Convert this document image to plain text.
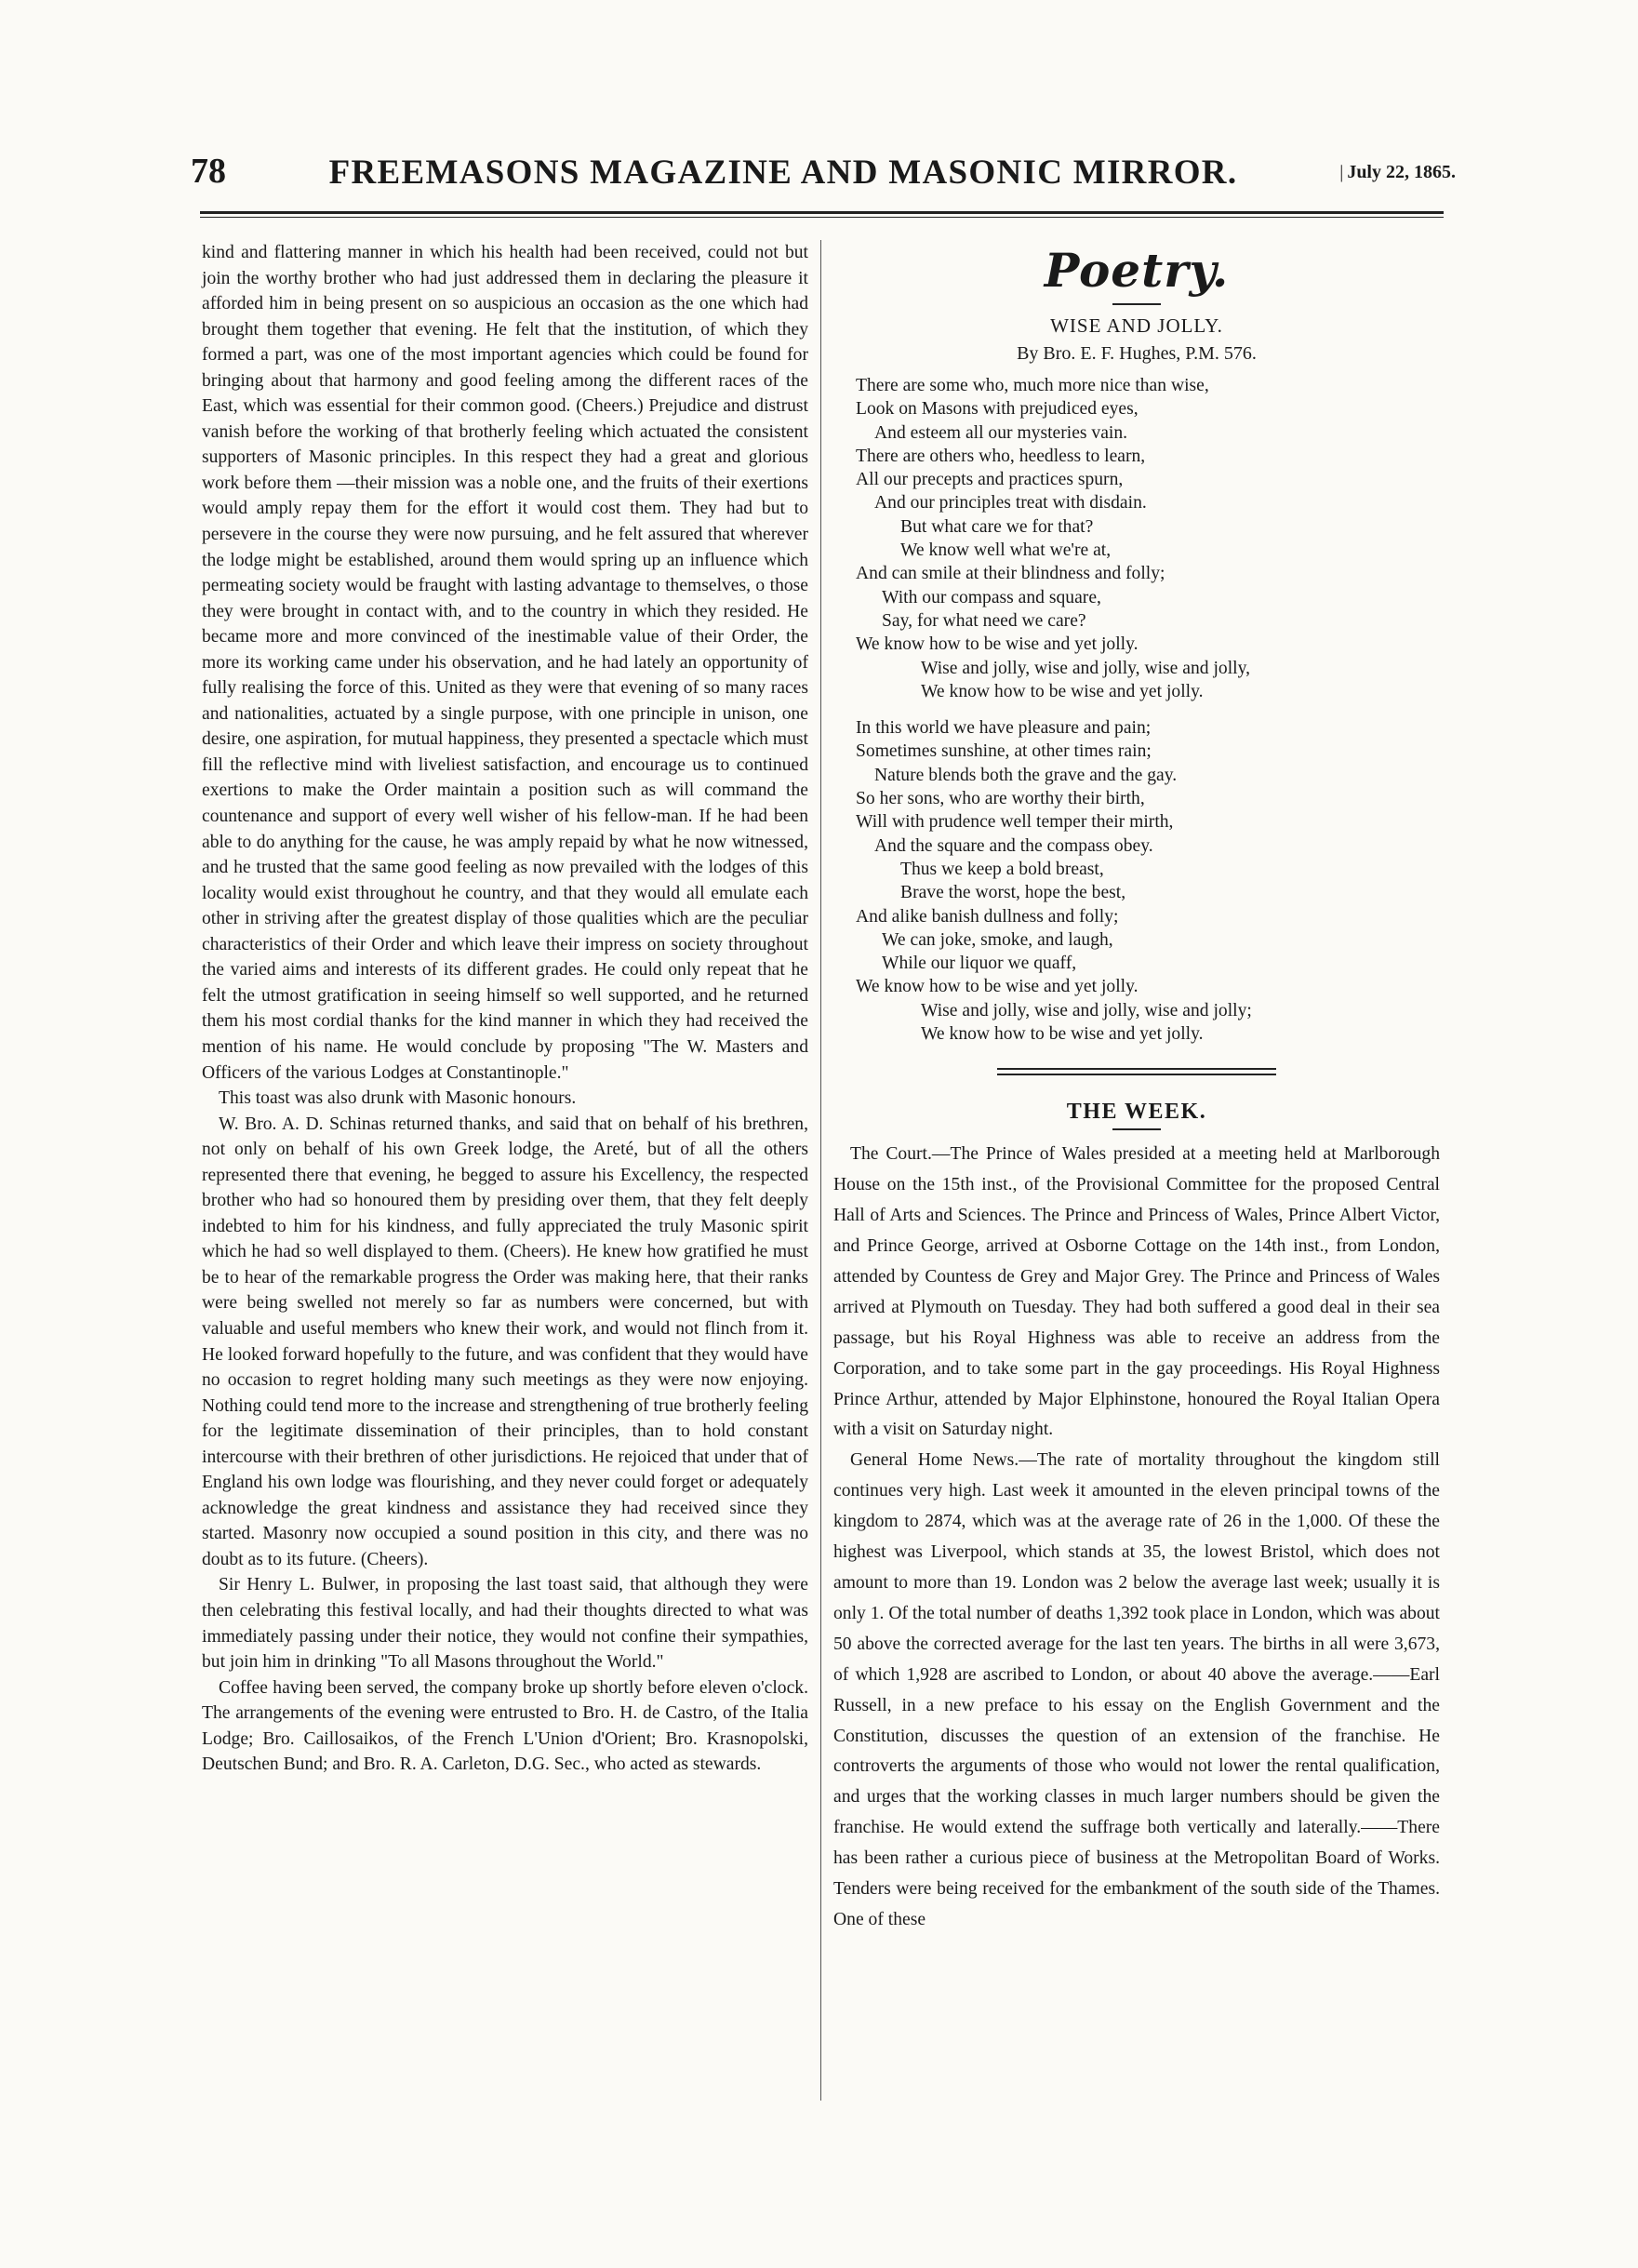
78	FREEMASONS MAGAZINE AND MASONIC MIRROR.	| July 22, 1865.

kind and flattering manner in which his health had been received, could not but join the worthy brother who had just addressed them in declaring the pleasure it afforded him in being present on so auspicious an occasion as the one which had brought them together that evening. He felt that the institution, of which they formed a part, was one of the most important agencies which could be found for bringing about that harmony and good feeling among the different races of the East, which was essential for their common good. (Cheers.) Prejudice and distrust vanish before the working of that brotherly feeling which actuated the consistent supporters of Masonic principles. In this respect they had a great and glorious work before them —their mission was a noble one, and the fruits of their exertions would amply repay them for the effort it would cost them. They had but to persevere in the course they were now pursuing, and he felt assured that wherever the lodge might be established, around them would spring up an influence which permeating society would be fraught with lasting advantage to themselves, o those they were brought in contact with, and to the country in which they resided. He became more and more convinced of the inestimable value of their Order, the more its working came under his observation, and he had lately an opportunity of fully realising the force of this. United as they were that evening of so many races and nationalities, actuated by a single purpose, with one principle in unison, one desire, one aspiration, for mutual happiness, they presented a spectacle which must fill the reflective mind with liveliest satisfaction, and encourage us to continued exertions to make the Order maintain a position such as will command the countenance and support of every well wisher of his fellow-man. If he had been able to do anything for the cause, he was amply repaid by what he now witnessed, and he trusted that the same good feeling as now prevailed with the lodges of this locality would exist throughout he country, and that they would all emulate each other in striving after the greatest display of those qualities which are the peculiar characteristics of their Order and which leave their impress on society throughout the varied aims and interests of its different grades. He could only repeat that he felt the utmost gratification in seeing himself so well supported, and he returned them his most cordial thanks for the kind manner in which they had received the mention of his name. He would conclude by proposing "The W. Masters and Officers of the various Lodges at Constantinople."

This toast was also drunk with Masonic honours.

W. Bro. A. D. Schinas returned thanks, and said that on behalf of his brethren, not only on behalf of his own Greek lodge, the Areté, but of all the others represented there that evening, he begged to assure his Excellency, the respected brother who had so honoured them by presiding over them, that they felt deeply indebted to him for his kindness, and fully appreciated the truly Masonic spirit which he had so well displayed to them. (Cheers). He knew how gratified he must be to hear of the remarkable progress the Order was making here, that their ranks were being swelled not merely so far as numbers were concerned, but with valuable and useful members who knew their work, and would not flinch from it. He looked forward hopefully to the future, and was confident that they would have no occasion to regret holding many such meetings as they were now enjoying. Nothing could tend more to the increase and strengthening of true brotherly feeling for the legitimate dissemination of their principles, than to hold constant intercourse with their brethren of other jurisdictions. He rejoiced that under that of England his own lodge was flourishing, and they never could forget or adequately acknowledge the great kindness and assistance they had received since they started. Masonry now occupied a sound position in this city, and there was no doubt as to its future. (Cheers).

Sir Henry L. Bulwer, in proposing the last toast said, that although they were then celebrating this festival locally, and had their thoughts directed to what was immediately passing under their notice, they would not confine their sympathies, but join him in drinking "To all Masons throughout the World."

Coffee having been served, the company broke up shortly before eleven o'clock. The arrangements of the evening were entrusted to Bro. H. de Castro, of the Italia Lodge; Bro. Caillosaikos, of the French L'Union d'Orient; Bro. Krasnopolski, Deutschen Bund; and Bro. R. A. Carleton, D.G. Sec., who acted as stewards.

Poetry.
WISE AND JOLLY.
By Bro. E. F. Hughes, P.M. 576.
There are some who, much more nice than wise,
Look on Masons with prejudiced eyes,
And esteem all our mysteries vain.
There are others who, heedless to learn,
All our precepts and practices spurn,
And our principles treat with disdain.
But what care we for that?
We know well what we're at,
And can smile at their blindness and folly;
With our compass and square,
Say, for what need we care?
We know how to be wise and yet jolly.
Wise and jolly, wise and jolly, wise and jolly,
We know how to be wise and yet jolly.
In this world we have pleasure and pain;
Sometimes sunshine, at other times rain;
Nature blends both the grave and the gay.
So her sons, who are worthy their birth,
Will with prudence well temper their mirth,
And the square and the compass obey.
Thus we keep a bold breast,
Brave the worst, hope the best,
And alike banish dullness and folly;
We can joke, smoke, and laugh,
While our liquor we quaff,
We know how to be wise and yet jolly.
Wise and jolly, wise and jolly, wise and jolly;
We know how to be wise and yet jolly.
THE WEEK.

The Court.—The Prince of Wales presided at a meeting held at Marlborough House on the 15th inst., of the Provisional Committee for the proposed Central Hall of Arts and Sciences. The Prince and Princess of Wales, Prince Albert Victor, and Prince George, arrived at Osborne Cottage on the 14th inst., from London, attended by Countess de Grey and Major Grey. The Prince and Princess of Wales arrived at Plymouth on Tuesday. They had both suffered a good deal in their sea passage, but his Royal Highness was able to receive an address from the Corporation, and to take some part in the gay proceedings. His Royal Highness Prince Arthur, attended by Major Elphinstone, honoured the Royal Italian Opera with a visit on Saturday night.

General Home News.—The rate of mortality throughout the kingdom still continues very high. Last week it amounted in the eleven principal towns of the kingdom to 2874, which was at the average rate of 26 in the 1,000. Of these the highest was Liverpool, which stands at 35, the lowest Bristol, which does not amount to more than 19. London was 2 below the average last week; usually it is only 1. Of the total number of deaths 1,392 took place in London, which was about 50 above the corrected average for the last ten years. The births in all were 3,673, of which 1,928 are ascribed to London, or about 40 above the average.——Earl Russell, in a new preface to his essay on the English Government and the Constitution, discusses the question of an extension of the franchise. He controverts the arguments of those who would not lower the rental qualification, and urges that the working classes in much larger numbers should be given the franchise. He would extend the suffrage both vertically and laterally.——There has been rather a curious piece of business at the Metropolitan Board of Works. Tenders were being received for the embankment of the south side of the Thames. One of these
